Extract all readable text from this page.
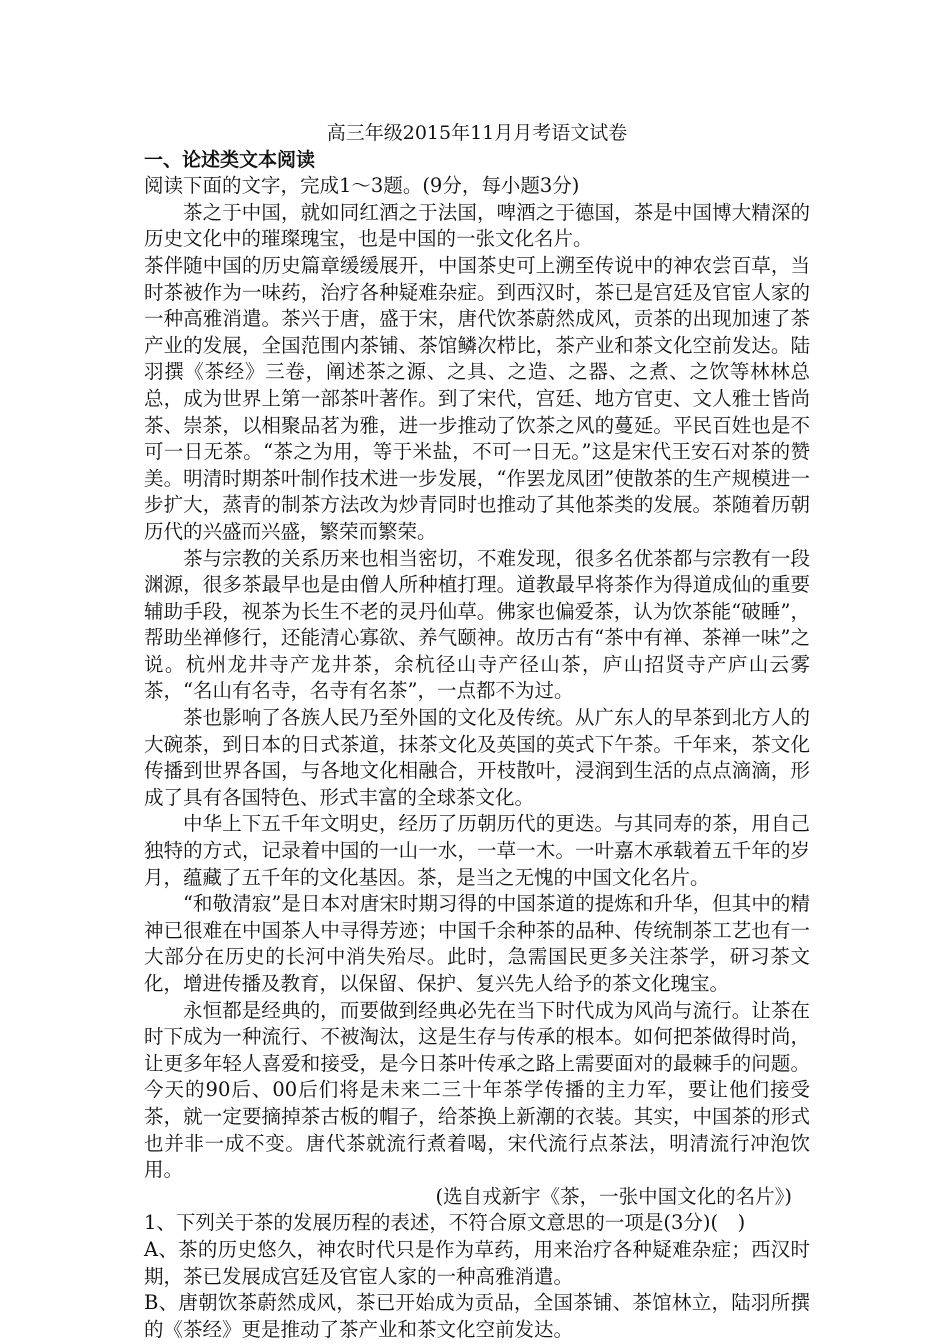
高三年级2015年11月月考语文试卷

一、论述类文本阅读

阅读下面的文字，完成1～3题。(9分，每小题3分)

茶之于中国，就如同红酒之于法国，啤酒之于德国，茶是中国博大精深的历史文化中的璀璨瑰宝，也是中国的一张文化名片。

茶伴随中国的历史篇章缓缓展开，中国茶史可上溯至传说中的神农尝百草，当时茶被作为一味药，治疗各种疑难杂症。到西汉时，茶已是宫廷及官宦人家的一种高雅消遣。茶兴于唐，盛于宋，唐代饮茶蔚然成风，贡茶的出现加速了茶产业的发展，全国范围内茶铺、茶馆鳞次栉比，茶产业和茶文化空前发达。陆羽撰《茶经》三卷，阐述茶之源、之具、之造、之器、之煮、之饮等林林总总，成为世界上第一部茶叶著作。到了宋代，宫廷、地方官吏、文人雅士皆尚茶、崇茶，以相聚品茗为雅，进一步推动了饮茶之风的蔓延。平民百姓也是不可一日无茶。“茶之为用，等于米盐，不可一日无。”这是宋代王安石对茶的赞美。明清时期茶叶制作技术进一步发展，“作罢龙凤团”使散茶的生产规模进一步扩大，蒸青的制茶方法改为炒青同时也推动了其他茶类的发展。茶随着历朝历代的兴盛而兴盛，繁荣而繁荣。

茶与宗教的关系历来也相当密切，不难发现，很多名优茶都与宗教有一段渊源，很多茶最早也是由僧人所种植打理。道教最早将茶作为得道成仙的重要辅助手段，视茶为长生不老的灵丹仙草。佛家也偏爱茶，认为饮茶能“破睡”，帮助坐禅修行，还能清心寡欲、养气颐神。故历古有“茶中有禅、茶禅一味”之说。杭州龙井寺产龙井茶，余杭径山寺产径山茶，庐山招贤寺产庐山云雾茶，“名山有名寺，名寺有名茶”，一点都不为过。

茶也影响了各族人民乃至外国的文化及传统。从广东人的早茶到北方人的大碗茶，到日本的日式茶道，抹茶文化及英国的英式下午茶。千年来，茶文化传播到世界各国，与各地文化相融合，开枝散叶，浸润到生活的点点滴滴，形成了具有各国特色、形式丰富的全球茶文化。

中华上下五千年文明史，经历了历朝历代的更迭。与其同寿的茶，用自己独特的方式，记录着中国的一山一水，一草一木。一叶嘉木承载着五千年的岁月，蕴藏了五千年的文化基因。茶，是当之无愧的中国文化名片。

“和敬清寂”是日本对唐宋时期习得的中国茶道的提炼和升华，但其中的精神已很难在中国茶人中寻得芳迹；中国千余种茶的品种、传统制茶工艺也有一大部分在历史的长河中消失殆尽。此时，急需国民更多关注茶学，研习茶文化，增进传播及教育，以保留、保护、复兴先人给予的茶文化瑰宝。

永恒都是经典的，而要做到经典必先在当下时代成为风尚与流行。让茶在时下成为一种流行、不被淘汰，这是生存与传承的根本。如何把茶做得时尚，让更多年轻人喜爱和接受，是今日茶叶传承之路上需要面对的最棘手的问题。今天的90后、00后们将是未来二三十年茶学传播的主力军，要让他们接受茶，就一定要摘掉茶古板的帽子，给茶换上新潮的衣装。其实，中国茶的形式也并非一成不变。唐代茶就流行煮着喝，宋代流行点茶法，明清流行冲泡饮用。

(选自戎新宇《茶，一张中国文化的名片》)

1、下列关于茶的发展历程的表述，不符合原文意思的一项是(3分)(　)

A、茶的历史悠久，神农时代只是作为草药，用来治疗各种疑难杂症；西汉时期，茶已发展成宫廷及官宦人家的一种高雅消遣。

B、唐朝饮茶蔚然成风，茶已开始成为贡品，全国茶铺、茶馆林立，陆羽所撰的《茶经》更是推动了茶产业和茶文化空前发达。
